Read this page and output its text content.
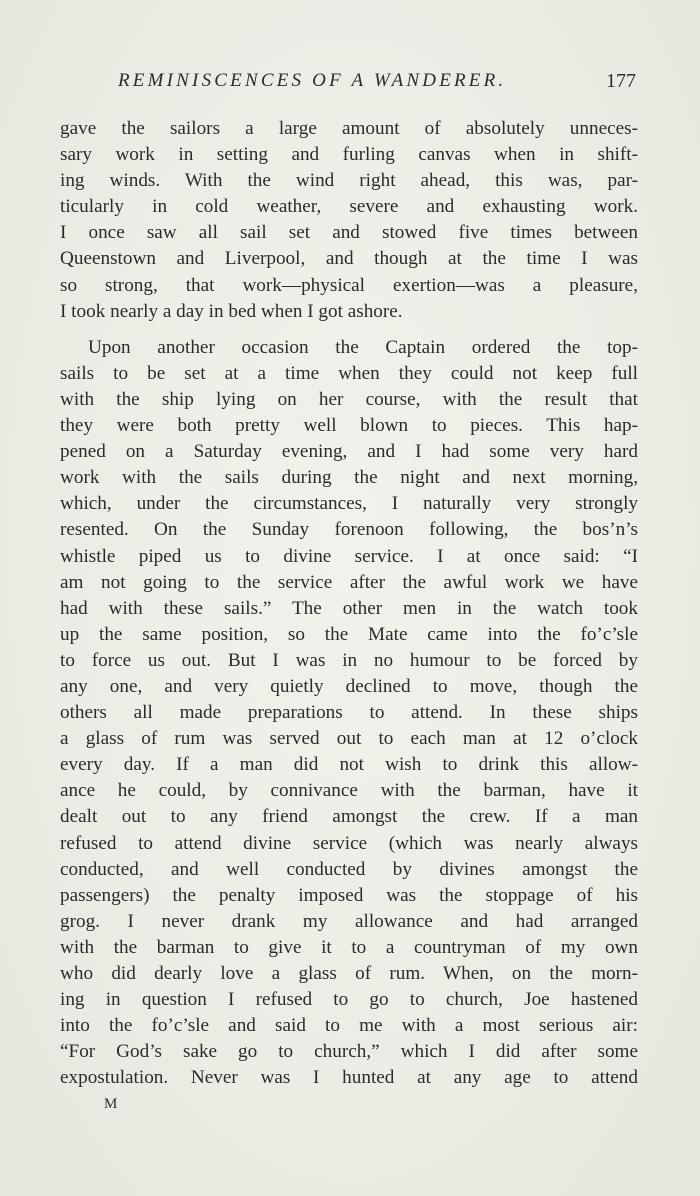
REMINISCENCES OF A WANDERER.	177
gave the sailors a large amount of absolutely unneces-
sary work in setting and furling canvas when in shift-
ing winds. With the wind right ahead, this was, par-
ticularly in cold weather, severe and exhausting work.
I once saw all sail set and stowed five times between
Queenstown and Liverpool, and though at the time I was
so strong, that work—physical exertion—was a pleasure,
I took nearly a day in bed when I got ashore.
Upon another occasion the Captain ordered the top-
sails to be set at a time when they could not keep full
with the ship lying on her course, with the result that
they were both pretty well blown to pieces. This hap-
pened on a Saturday evening, and I had some very hard
work with the sails during the night and next morning,
which, under the circumstances, I naturally very strongly
resented. On the Sunday forenoon following, the bos’n’s
whistle piped us to divine service. I at once said: “I
am not going to the service after the awful work we have
had with these sails.” The other men in the watch took
up the same position, so the Mate came into the fo’c’sle
to force us out. But I was in no humour to be forced by
any one, and very quietly declined to move, though the
others all made preparations to attend. In these ships
a glass of rum was served out to each man at 12 o’clock
every day. If a man did not wish to drink this allow-
ance he could, by connivance with the barman, have it
dealt out to any friend amongst the crew. If a man
refused to attend divine service (which was nearly always
conducted, and well conducted by divines amongst the
passengers) the penalty imposed was the stoppage of his
grog. I never drank my allowance and had arranged
with the barman to give it to a countryman of my own
who did dearly love a glass of rum. When, on the morn-
ing in question I refused to go to church, Joe hastened
into the fo’c’sle and said to me with a most serious air:
“For God’s sake go to church,” which I did after some
expostulation. Never was I hunted at any age to attend
M
